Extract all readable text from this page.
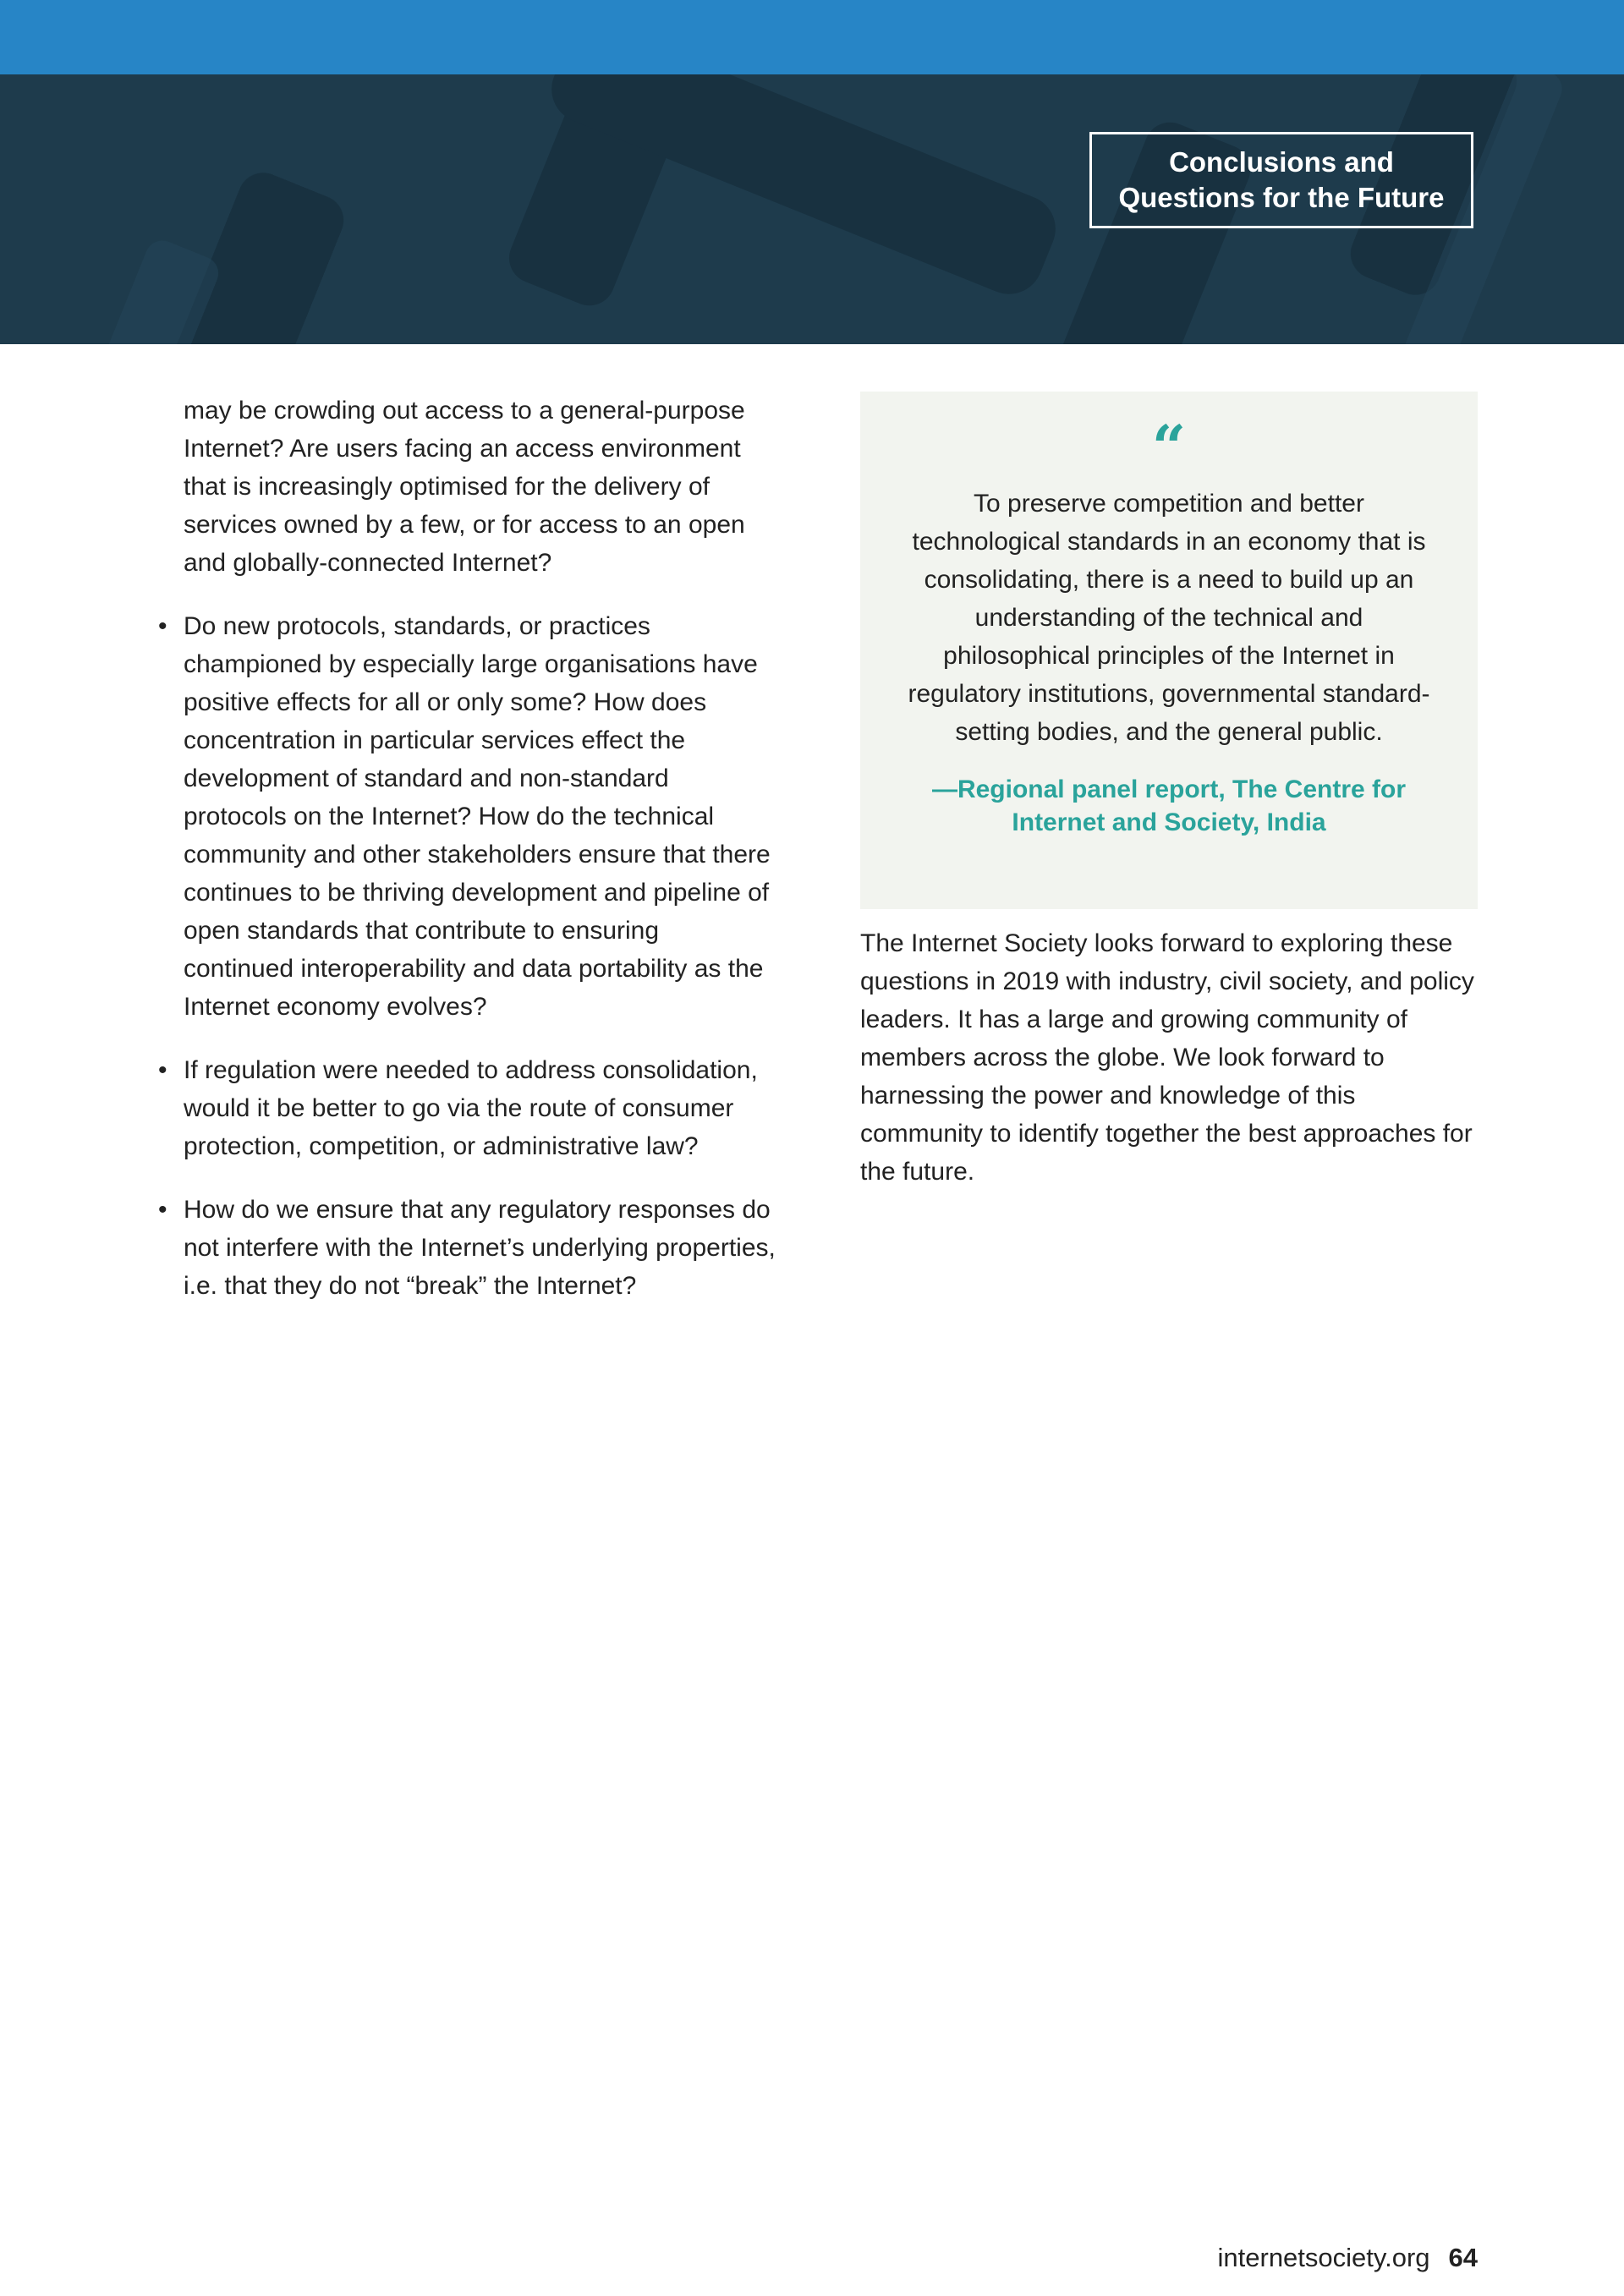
Conclusions and
Questions for the Future

may be crowding out access to a general-purpose Internet? Are users facing an access environment that is increasingly optimised for the delivery of services owned by a few, or for access to an open and globally-connected Internet?

• Do new protocols, standards, or practices championed by especially large organisations have positive effects for all or only some? How does concentration in particular services effect the development of standard and non-standard protocols on the Internet? How do the technical community and other stakeholders ensure that there continues to be thriving development and pipeline of open standards that contribute to ensuring continued interoperability and data portability as the Internet economy evolves?
• If regulation were needed to address consolidation, would it be better to go via the route of consumer protection, competition, or administrative law?
• How do we ensure that any regulatory responses do not interfere with the Internet’s underlying properties, i.e. that they do not “break” the Internet?
“
To preserve competition and better technological standards in an economy that is consolidating, there is a need to build up an understanding of the technical and philosophical principles of the Internet in regulatory institutions, governmental standard-setting bodies, and the general public.
—Regional panel report, The Centre for Internet and Society, India

The Internet Society looks forward to exploring these questions in 2019 with industry, civil society, and policy leaders. It has a large and growing community of members across the globe. We look forward to harnessing the power and knowledge of this community to identify together the best approaches for the future.

internetsociety.org 64
